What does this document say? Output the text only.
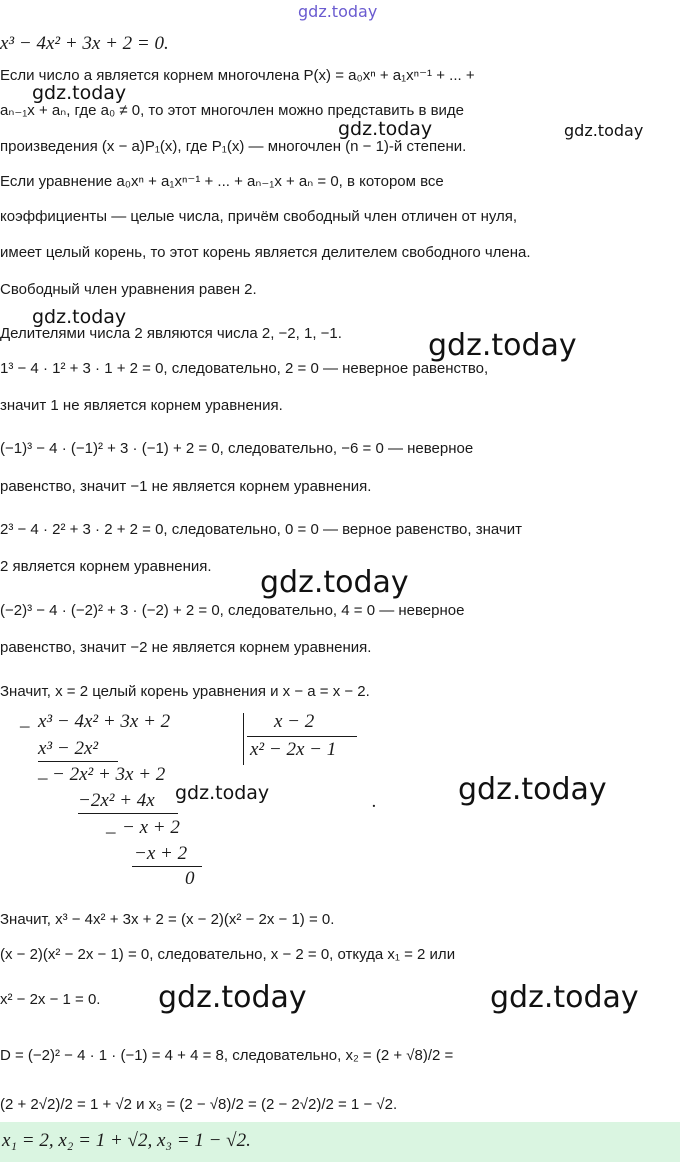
gdz.today
x³ − 4x² + 3x + 2 = 0.
Если число a является корнем многочлена P(x) = a₀xⁿ + a₁xⁿ⁻¹ + ... +
aₙ₋₁x + aₙ, где a₀ ≠ 0, то этот многочлен можно представить в виде
произведения (x − a)P₁(x), где P₁(x) — многочлен (n − 1)-й степени.
Если уравнение a₀xⁿ + a₁xⁿ⁻¹ + ... + aₙ₋₁x + aₙ = 0, в котором все
коэффициенты — целые числа, причём свободный член отличен от нуля,
имеет целый корень, то этот корень является делителем свободного члена.
Свободный член уравнения равен 2.
Делителями числа 2 являются числа 2, −2, 1, −1.
1³ − 4 · 1² + 3 · 1 + 2 = 0, следовательно, 2 = 0 — неверное равенство,
значит 1 не является корнем уравнения.
(−1)³ − 4 · (−1)² + 3 · (−1) + 2 = 0, следовательно, −6 = 0 — неверное
равенство, значит −1 не является корнем уравнения.
2³ − 4 · 2² + 3 · 2 + 2 = 0, следовательно, 0 = 0 — верное равенство, значит
2 является корнем уравнения.
(−2)³ − 4 · (−2)² + 3 · (−2) + 2 = 0, следовательно, 4 = 0 — неверное
равенство, значит −2 не является корнем уравнения.
Значит, x = 2 целый корень уравнения и x − a = x − 2.
_ x³ − 4x² + 3x + 2	x − 2
x² − 2x − 1
x³ − 2x²
_ − 2x² + 3x + 2
−2x² + 4x
_ − x + 2
−x + 2
0
.
Значит, x³ − 4x² + 3x + 2 = (x − 2)(x² − 2x − 1) = 0.
(x − 2)(x² − 2x − 1) = 0, следовательно, x − 2 = 0, откуда x₁ = 2 или
x² − 2x − 1 = 0.
D = (−2)² − 4 · 1 · (−1) = 4 + 4 = 8, следовательно, x₂ = (2 + √8)/2 =
(2 + 2√2)/2 = 1 + √2 и x₃ = (2 − √8)/2 = (2 − 2√2)/2 = 1 − √2.
gdz.today
gdz.today	gdz.today
gdz.today
gdz.today
gdz.today
gdz.today	gdz.today
gdz.today	gdz.today
x₁ = 2, x₂ = 1 + √2, x₃ = 1 − √2.
